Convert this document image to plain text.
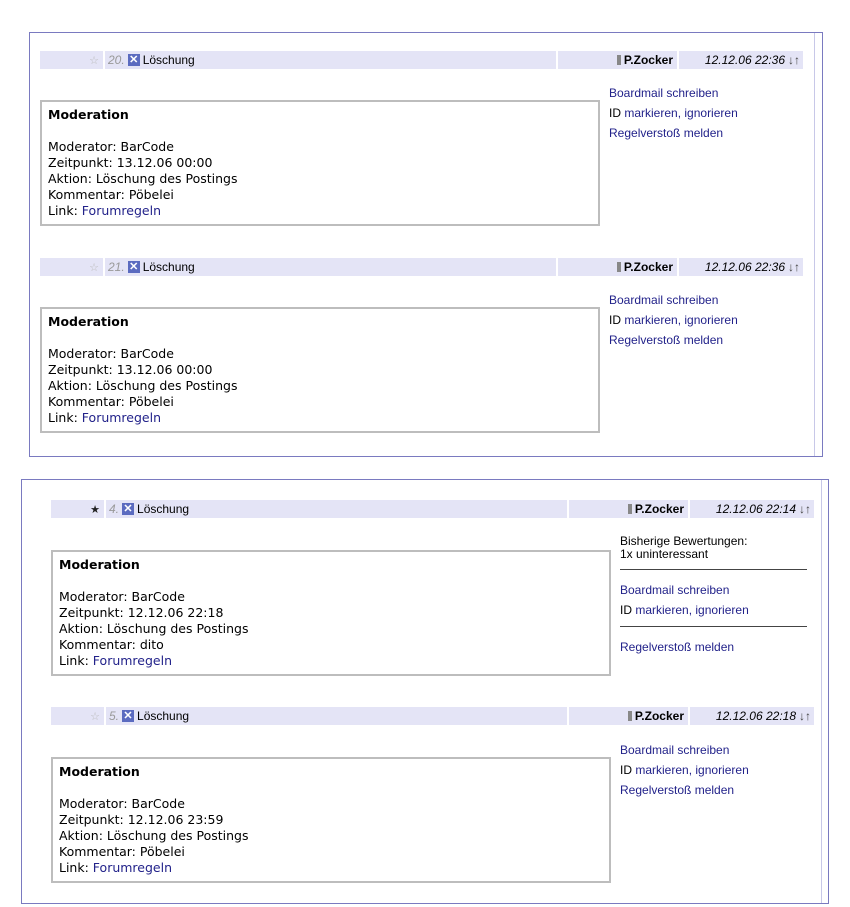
☆ 20. ✕ Löschung	P.Zocker	12.12.06 22:36 ↓↑
Moderation
Moderator: BarCode
Zeitpunkt: 13.12.06 00:00
Aktion: Löschung des Postings
Kommentar: Pöbelei
Link: Forumregeln
Boardmail schreiben
ID markieren, ignorieren
Regelverstoß melden
☆ 21. ✕ Löschung	P.Zocker	12.12.06 22:36 ↓↑
Moderation
Moderator: BarCode
Zeitpunkt: 13.12.06 00:00
Aktion: Löschung des Postings
Kommentar: Pöbelei
Link: Forumregeln
Boardmail schreiben
ID markieren, ignorieren
Regelverstoß melden
★ 4. ✕ Löschung	P.Zocker	12.12.06 22:14 ↓↑
Moderation
Moderator: BarCode
Zeitpunkt: 12.12.06 22:18
Aktion: Löschung des Postings
Kommentar: dito
Link: Forumregeln
Bisherige Bewertungen:
1x uninteressant
Boardmail schreiben
ID markieren, ignorieren
Regelverstoß melden
☆ 5. ✕ Löschung	P.Zocker	12.12.06 22:18 ↓↑
Moderation
Moderator: BarCode
Zeitpunkt: 12.12.06 23:59
Aktion: Löschung des Postings
Kommentar: Pöbelei
Link: Forumregeln
Boardmail schreiben
ID markieren, ignorieren
Regelverstoß melden
